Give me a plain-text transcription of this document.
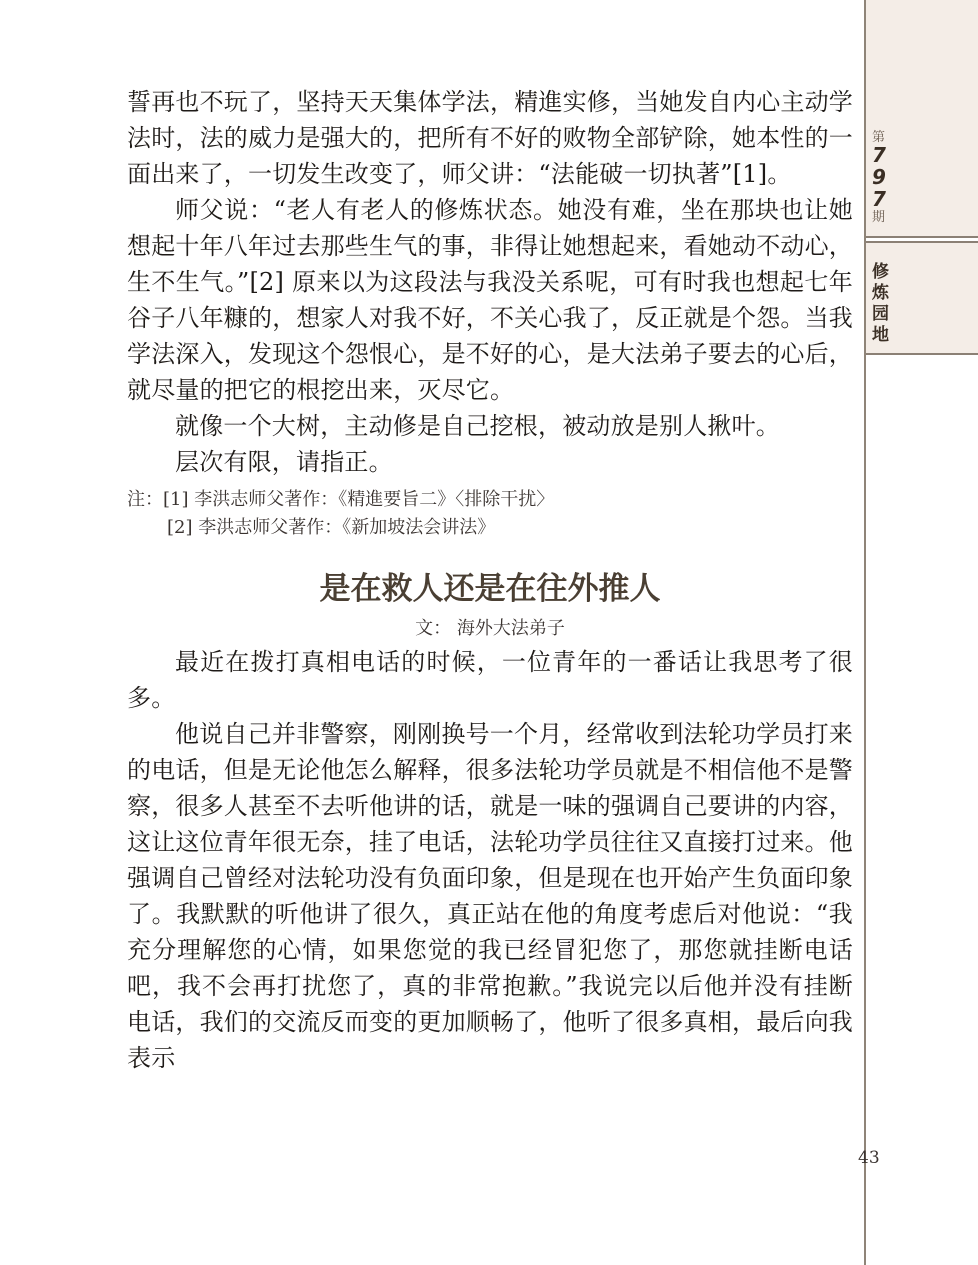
第
7
9
7
期
修
炼
园
地

誓再也不玩了，坚持天天集体学法，精進实修，当她发自内心主动学法时，法的威力是强大的，把所有不好的败物全部铲除，她本性的一面出来了，一切发生改变了，师父讲：“法能破一切执著”[1]。

师父说：“老人有老人的修炼状态。她没有难，坐在那块也让她想起十年八年过去那些生气的事，非得让她想起来，看她动不动心，生不生气。”[2] 原来以为这段法与我没关系呢，可有时我也想起七年谷子八年糠的，想家人对我不好，不关心我了，反正就是个怨。当我学法深入，发现这个怨恨心，是不好的心，是大法弟子要去的心后，就尽量的把它的根挖出来，灭尽它。

就像一个大树，主动修是自己挖根，被动放是别人揪叶。

层次有限，请指正。

注：[1] 李洪志师父著作：《精進要旨二》〈排除干扰〉
[2] 李洪志师父著作：《新加坡法会讲法》
是在救人还是在往外推人

文： 海外大法弟子

最近在拨打真相电话的时候，一位青年的一番话让我思考了很多。

他说自己并非警察，刚刚换号一个月，经常收到法轮功学员打来的电话，但是无论他怎么解释，很多法轮功学员就是不相信他不是警察，很多人甚至不去听他讲的话，就是一味的强调自己要讲的内容，这让这位青年很无奈，挂了电话，法轮功学员往往又直接打过来。他强调自己曾经对法轮功没有负面印象，但是现在也开始产生负面印象了。我默默的听他讲了很久，真正站在他的角度考虑后对他说：“我充分理解您的心情，如果您觉的我已经冒犯您了，那您就挂断电话吧，我不会再打扰您了，真的非常抱歉。”我说完以后他并没有挂断电话，我们的交流反而变的更加顺畅了，他听了很多真相，最后向我表示

43
